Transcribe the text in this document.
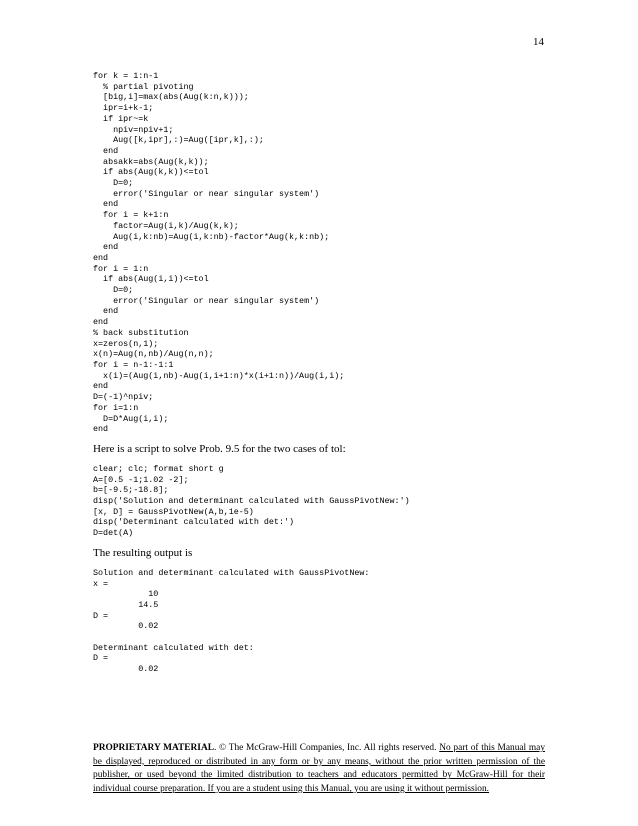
14
for k = 1:n-1
% partial pivoting
[big,i]=max(abs(Aug(k:n,k)));
ipr=i+k-1;
if ipr~=k
npiv=npiv+1;
Aug([k,ipr],:)=Aug([ipr,k],:);
end
absakk=abs(Aug(k,k));
if abs(Aug(k,k))<=tol
D=0;
error('Singular or near singular system')
end
for i = k+1:n
factor=Aug(i,k)/Aug(k,k);
Aug(i,k:nb)=Aug(i,k:nb)-factor*Aug(k,k:nb);
end
end
for i = 1:n
if abs(Aug(i,i))<=tol
D=0;
error('Singular or near singular system')
end
end
% back substitution
x=zeros(n,1);
x(n)=Aug(n,nb)/Aug(n,n);
for i = n-1:-1:1
x(i)=(Aug(i,nb)-Aug(i,i+1:n)*x(i+1:n))/Aug(i,i);
end
D=(-1)^npiv;
for i=1:n
D=D*Aug(i,i);
end

Here is a script to solve Prob. 9.5 for the two cases of tol:

clear; clc; format short g
A=[0.5 -1;1.02 -2];
b=[-9.5;-18.8];
disp('Solution and determinant calculated with GaussPivotNew:')
[x, D] = GaussPivotNew(A,b,1e-5)
disp('Determinant calculated with det:')
D=det(A)

The resulting output is

Solution and determinant calculated with GaussPivotNew:
x =
10
14.5
D =
0.02
Determinant calculated with det:
D =
0.02
PROPRIETARY MATERIAL. © The McGraw-Hill Companies, Inc. All rights reserved. No part of this Manual may be displayed, reproduced or distributed in any form or by any means, without the prior written permission of the publisher, or used beyond the limited distribution to teachers and educators permitted by McGraw-Hill for their individual course preparation. If you are a student using this Manual, you are using it without permission.
